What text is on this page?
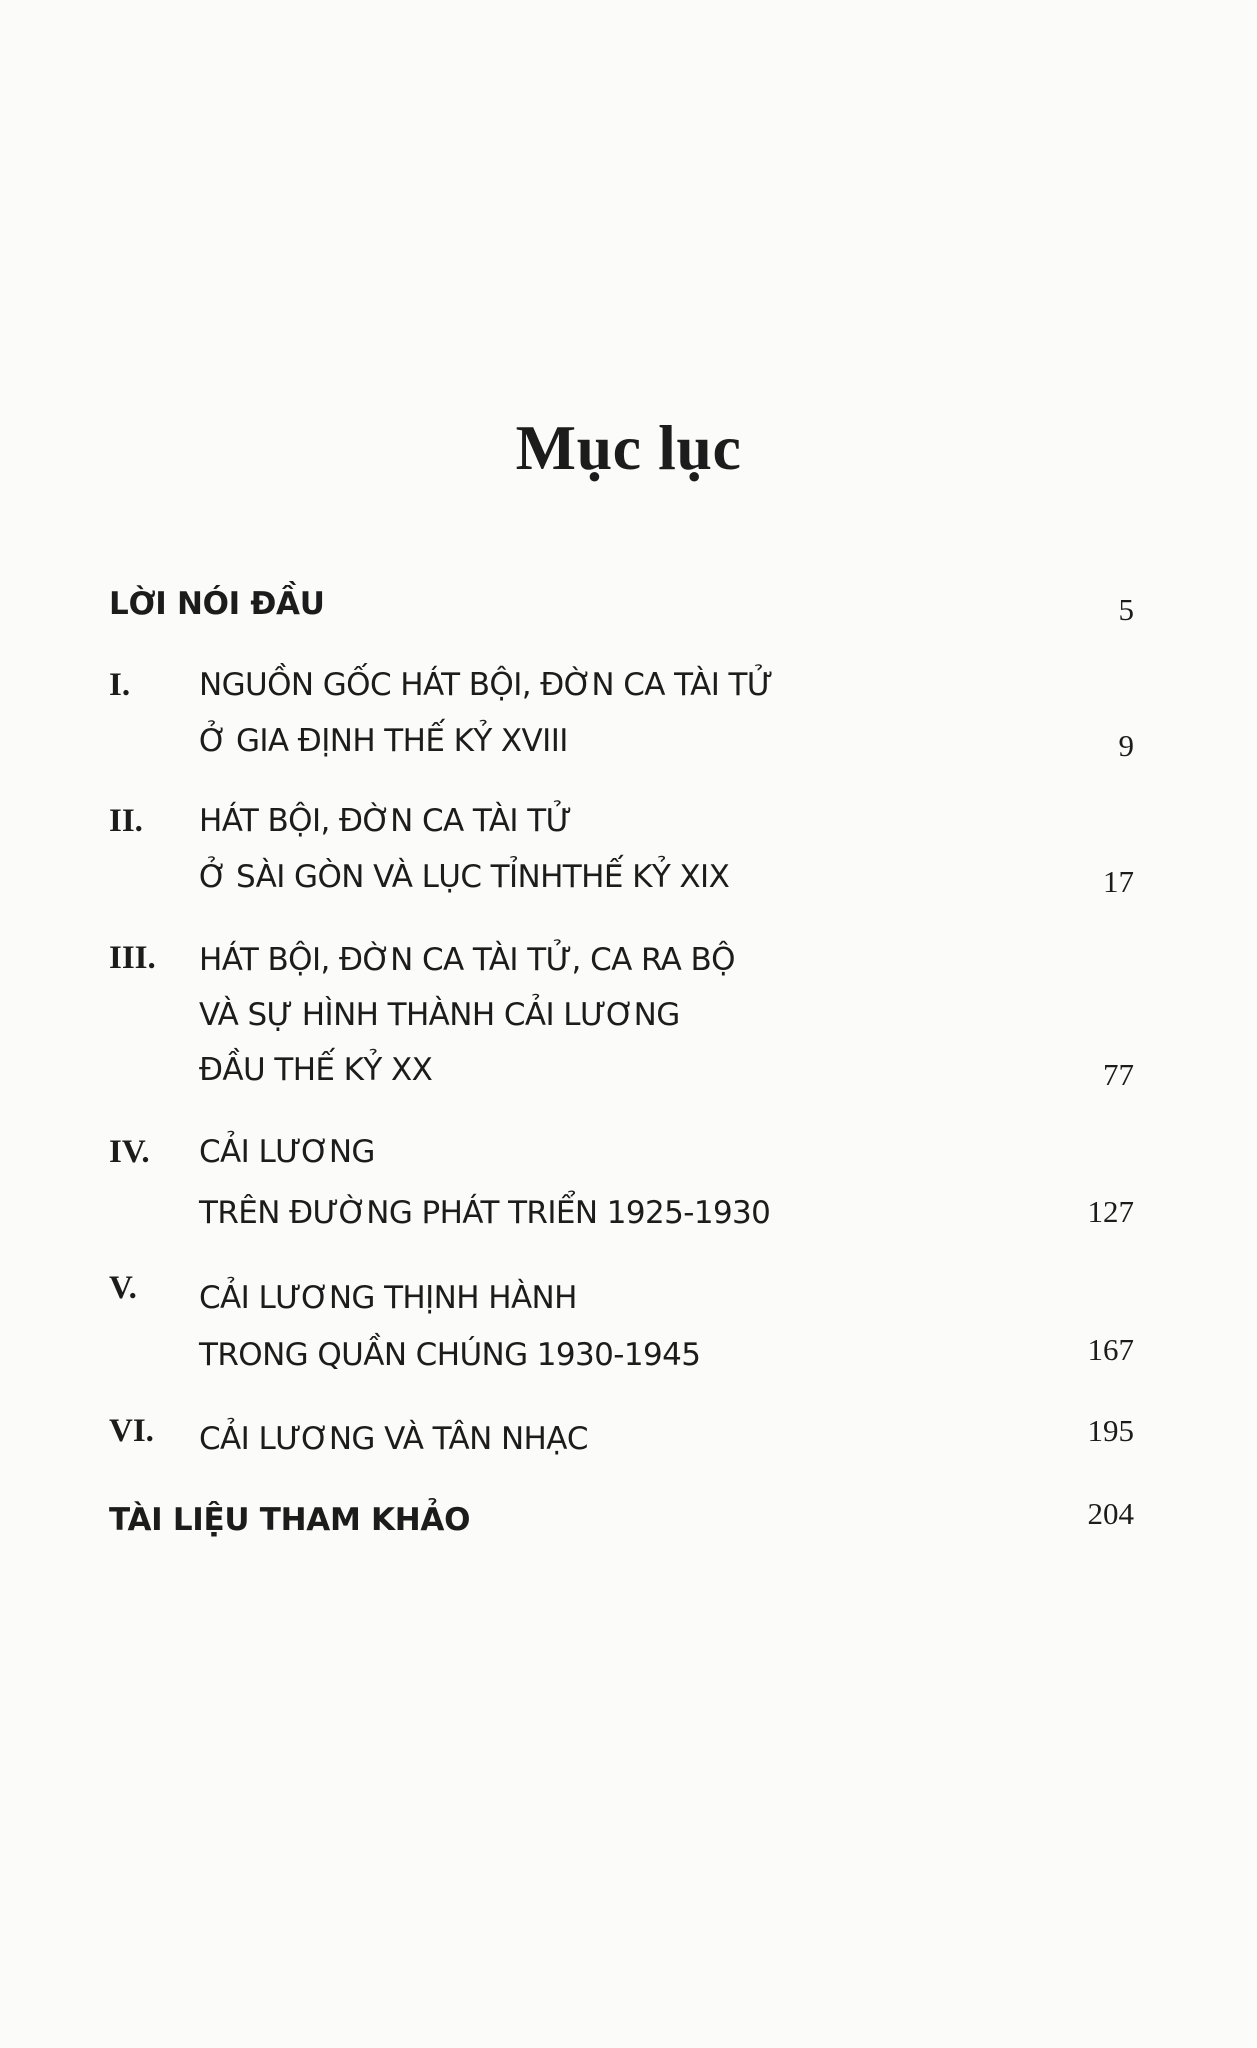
Mục lục
LỜI NÓI ĐẦU	5
I. NGUỒN GỐC HÁT BỘI, ĐỜN CA TÀI TỬ
Ở GIA ĐỊNH THẾ KỶ XVIII	9
II. HÁT BỘI, ĐỜN CA TÀI TỬ
Ở SÀI GÒN VÀ LỤC TỈNHTHẾ KỶ XIX	17
III. HÁT BỘI, ĐỜN CA TÀI TỬ, CA RA BỘ
VÀ SỰ HÌNH THÀNH CẢI LƯƠNG
ĐẦU THẾ KỶ XX	77
IV. CẢI LƯƠNG
TRÊN ĐƯỜNG PHÁT TRIỂN 1925-1930	127
V. CẢI LƯƠNG THỊNH HÀNH
TRONG QUẦN CHÚNG 1930-1945	167
VI. CẢI LƯƠNG VÀ TÂN NHẠC	195
TÀI LIỆU THAM KHẢO	204
